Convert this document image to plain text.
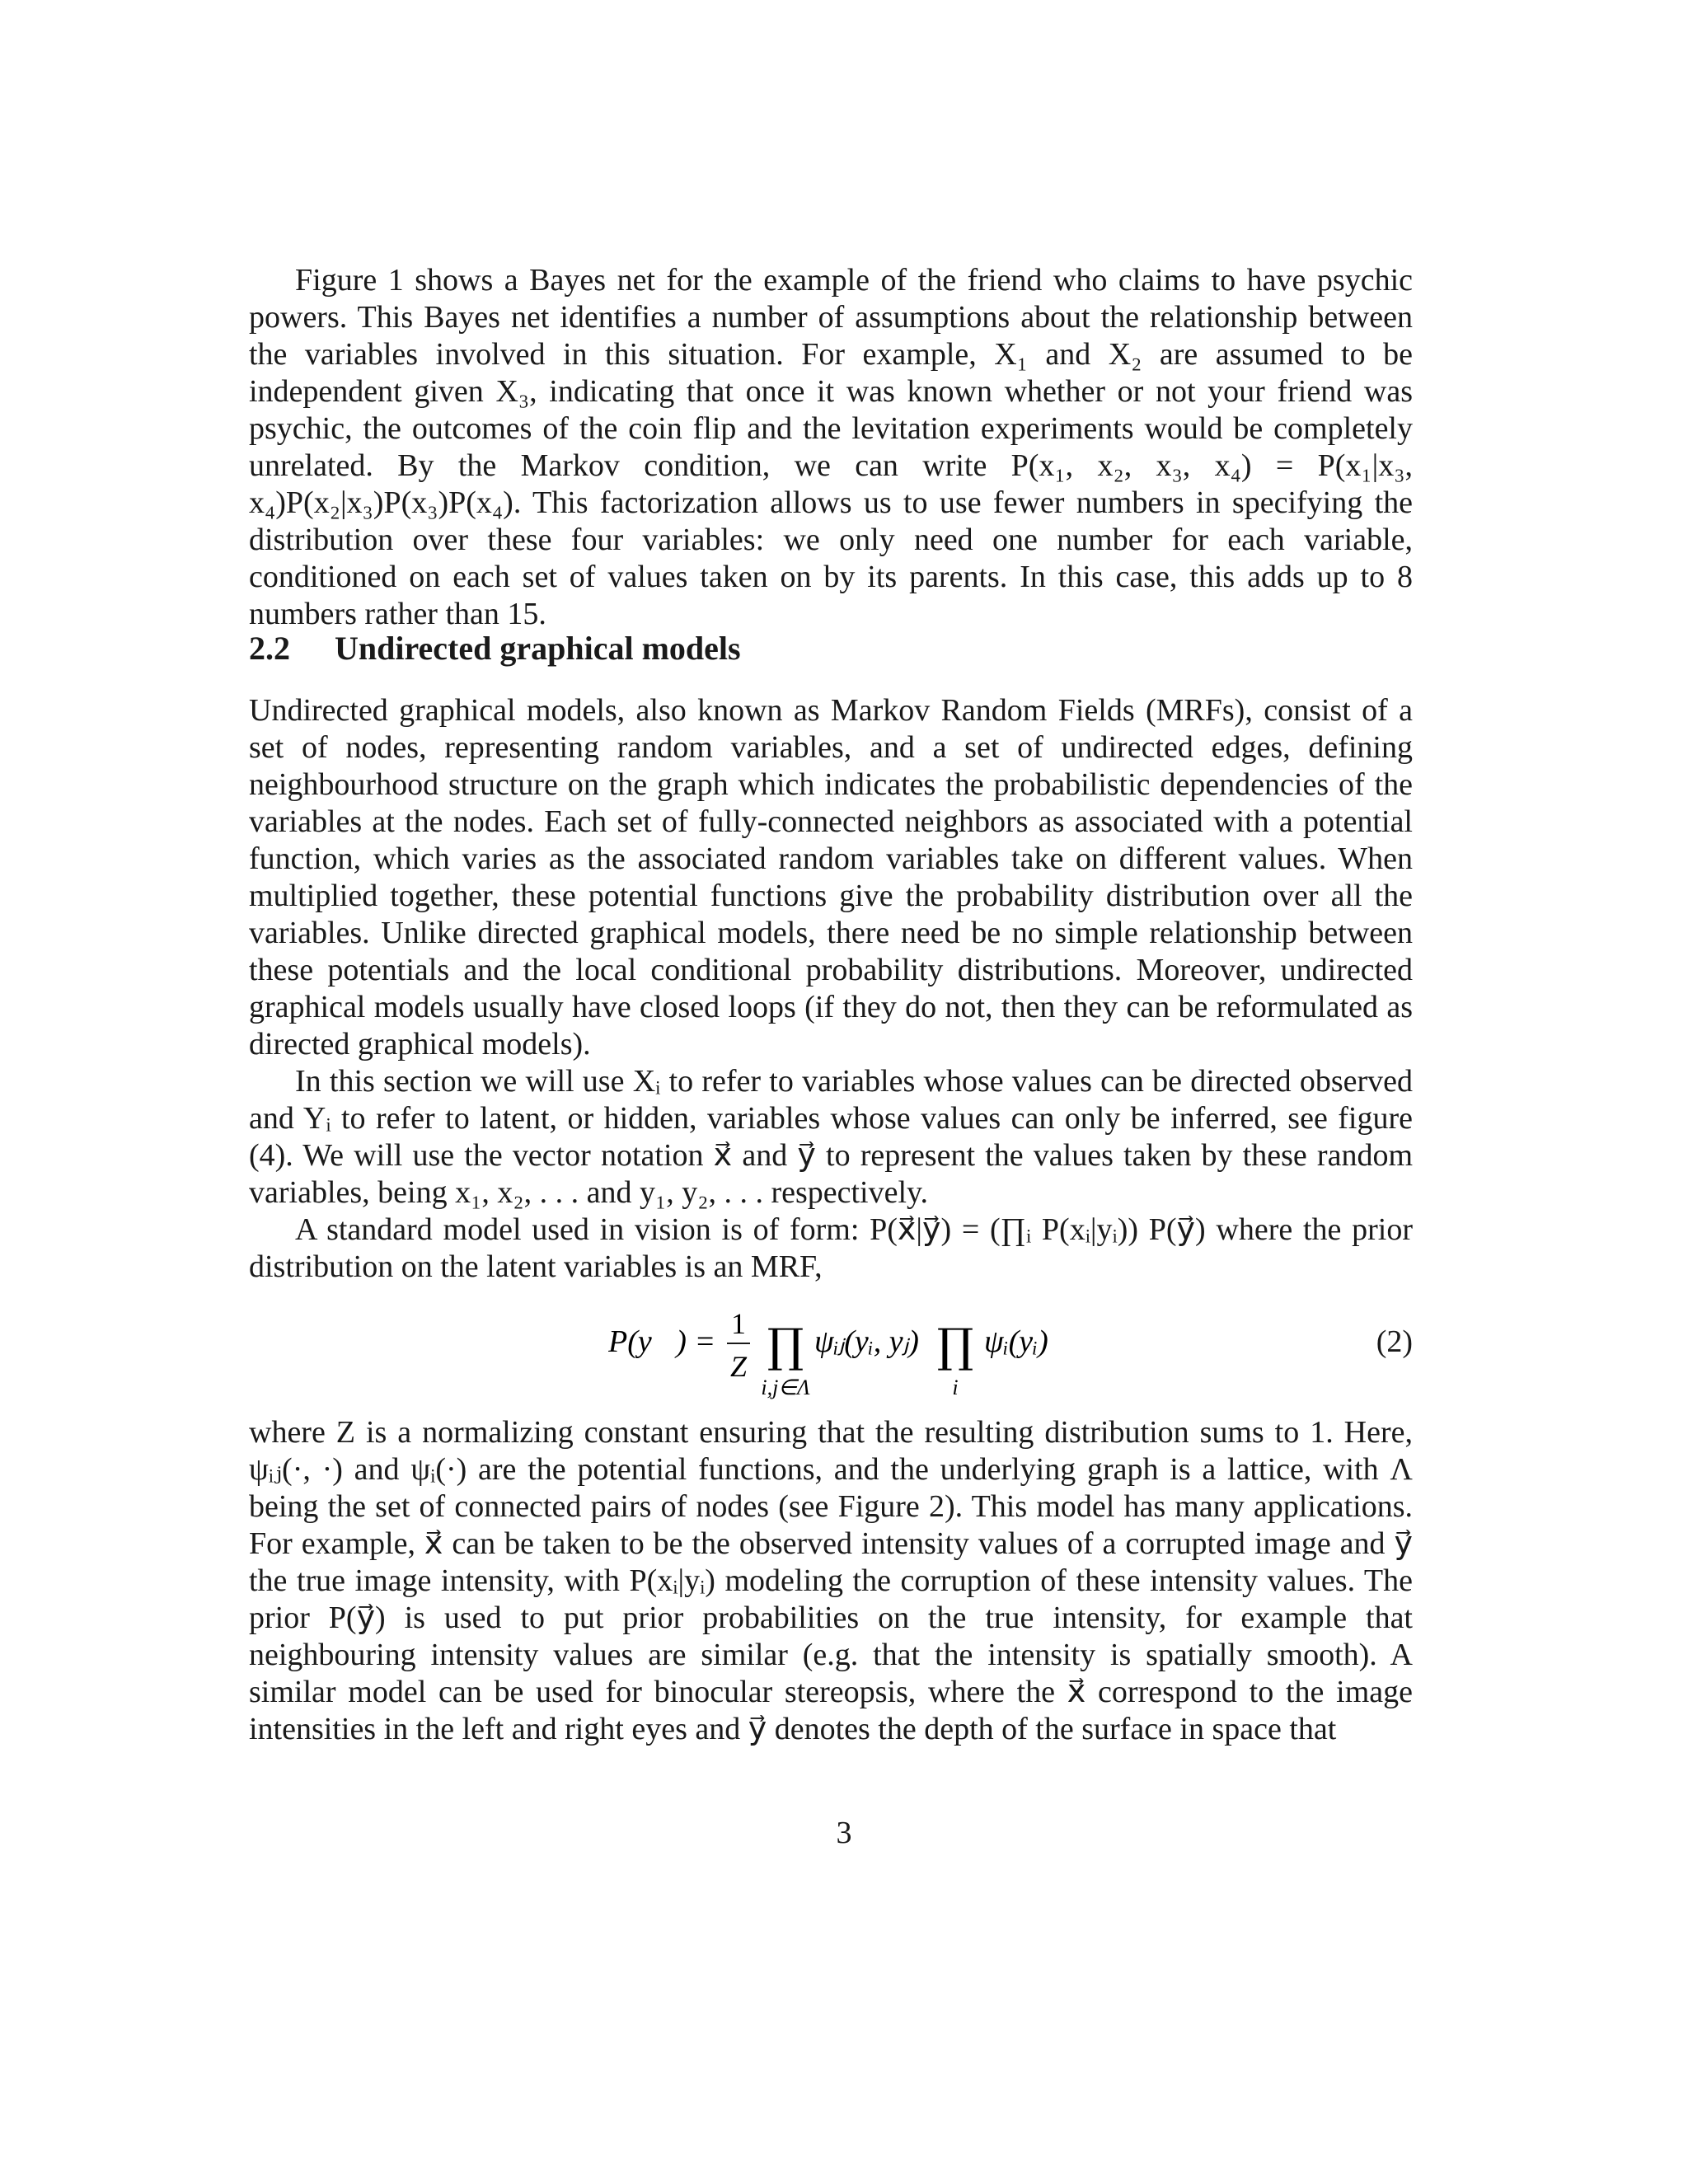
Figure 1 shows a Bayes net for the example of the friend who claims to have psychic powers. This Bayes net identifies a number of assumptions about the relationship between the variables involved in this situation. For example, X₁ and X₂ are assumed to be independent given X₃, indicating that once it was known whether or not your friend was psychic, the outcomes of the coin flip and the levitation experiments would be completely unrelated. By the Markov condition, we can write P(x₁, x₂, x₃, x₄) = P(x₁|x₃, x₄)P(x₂|x₃)P(x₃)P(x₄). This factorization allows us to use fewer numbers in specifying the distribution over these four variables: we only need one number for each variable, conditioned on each set of values taken on by its parents. In this case, this adds up to 8 numbers rather than 15.

2.2 Undirected graphical models

Undirected graphical models, also known as Markov Random Fields (MRFs), consist of a set of nodes, representing random variables, and a set of undirected edges, defining neighbourhood structure on the graph which indicates the probabilistic dependencies of the variables at the nodes. Each set of fully-connected neighbors as associated with a potential function, which varies as the associated random variables take on different values. When multiplied together, these potential functions give the probability distribution over all the variables. Unlike directed graphical models, there need be no simple relationship between these potentials and the local conditional probability distributions. Moreover, undirected graphical models usually have closed loops (if they do not, then they can be reformulated as directed graphical models).

In this section we will use Xᵢ to refer to variables whose values can be directed observed and Yᵢ to refer to latent, or hidden, variables whose values can only be inferred, see figure (4). We will use the vector notation x⃗ and y⃗ to represent the values taken by these random variables, being x₁, x₂, . . . and y₁, y₂, . . . respectively.

A standard model used in vision is of form: P(x⃗|y⃗) = (∏ᵢ P(xᵢ|yᵢ)) P(y⃗) where the prior distribution on the latent variables is an MRF,

P(y⃗) =
1
Z ∏
i,j∈Λ
ψᵢⱼ(yᵢ, yⱼ) ∏
i
ψᵢ(yᵢ)	(2)

where Z is a normalizing constant ensuring that the resulting distribution sums to 1. Here, ψᵢⱼ(·, ·) and ψᵢ(·) are the potential functions, and the underlying graph is a lattice, with Λ being the set of connected pairs of nodes (see Figure 2). This model has many applications. For example, x⃗ can be taken to be the observed intensity values of a corrupted image and y⃗ the true image intensity, with P(xᵢ|yᵢ) modeling the corruption of these intensity values. The prior P(y⃗) is used to put prior probabilities on the true intensity, for example that neighbouring intensity values are similar (e.g. that the intensity is spatially smooth). A similar model can be used for binocular stereopsis, where the x⃗ correspond to the image intensities in the left and right eyes and y⃗ denotes the depth of the surface in space that

3
